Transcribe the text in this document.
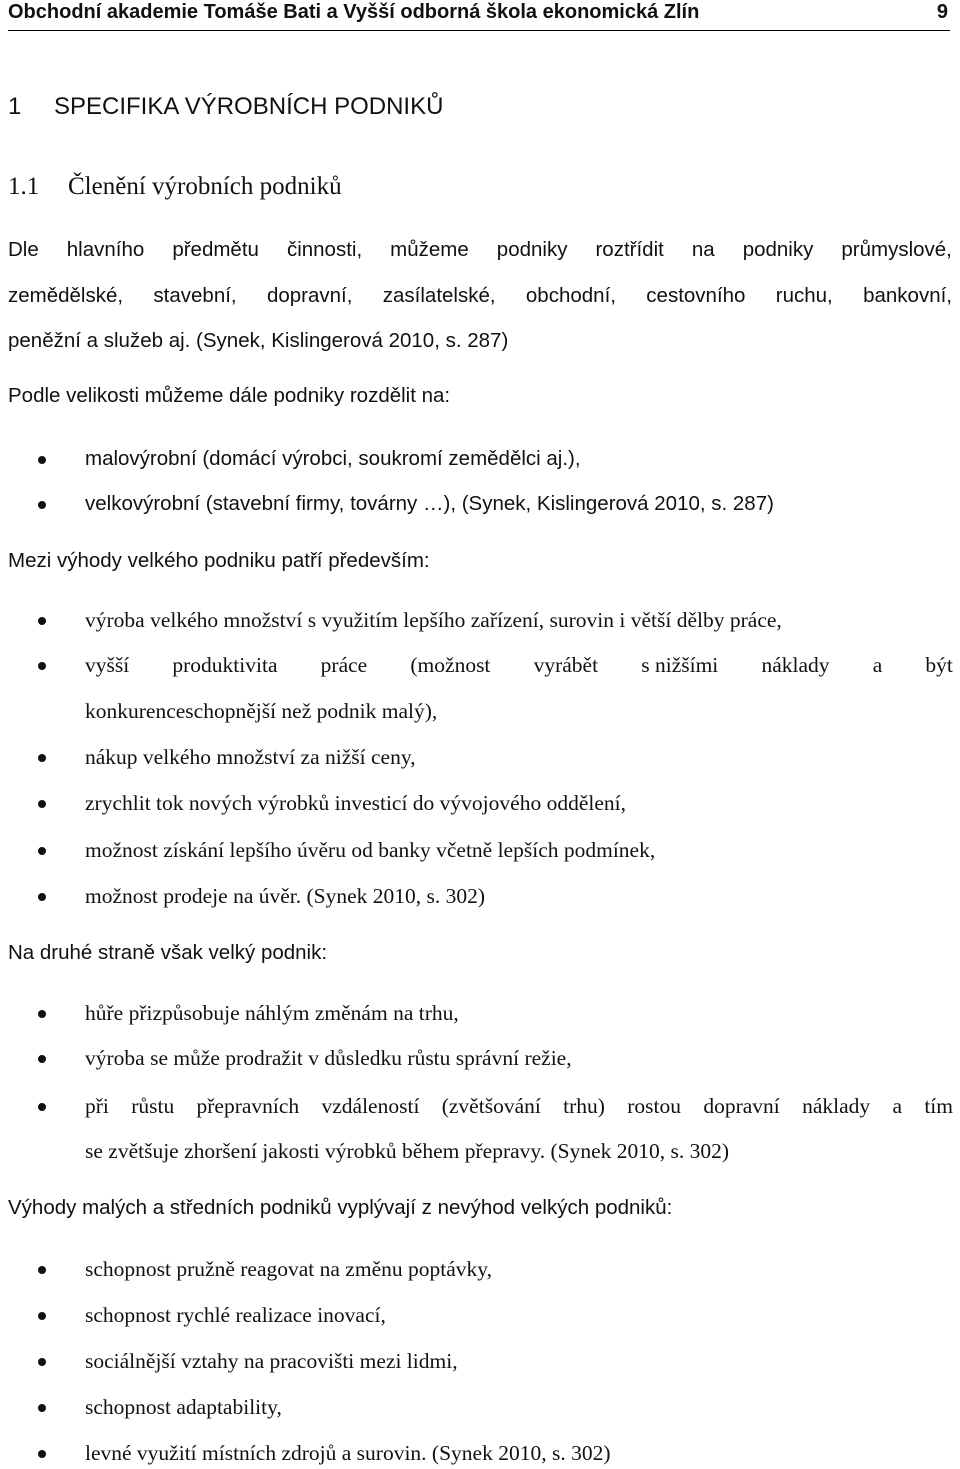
Obchodní akademie Tomáše Bati a Vyšší odborná škola ekonomická Zlín	9
1 SPECIFIKA VÝROBNÍCH PODNIKŮ
1.1 Členění výrobních podniků
Dle hlavního předmětu činnosti, můžeme podniky roztřídit na podniky průmyslové,
zemědělské, stavební, dopravní, zasílatelské, obchodní, cestovního ruchu, bankovní,
peněžní a služeb aj. (Synek, Kislingerová 2010, s. 287)
Podle velikosti můžeme dále podniky rozdělit na:
malovýrobní (domácí výrobci, soukromí zemědělci aj.),
velkovýrobní (stavební firmy, továrny …), (Synek, Kislingerová 2010, s. 287)
Mezi výhody velkého podniku patří především:
výroba velkého množství s využitím lepšího zařízení, surovin i větší dělby práce,
vyšší produktivita práce (možnost vyrábět s nižšími náklady a být
konkurenceschopnější než podnik malý),
nákup velkého množství za nižší ceny,
zrychlit tok nových výrobků investicí do vývojového oddělení,
možnost získání lepšího úvěru od banky včetně lepších podmínek,
možnost prodeje na úvěr. (Synek 2010, s. 302)
Na druhé straně však velký podnik:
hůře přizpůsobuje náhlým změnám na trhu,
výroba se může prodražit v důsledku růstu správní režie,
při růstu přepravních vzdáleností (zvětšování trhu) rostou dopravní náklady a tím
se zvětšuje zhoršení jakosti výrobků během přepravy. (Synek 2010, s. 302)
Výhody malých a středních podniků vyplývají z nevýhod velkých podniků:
schopnost pružně reagovat na změnu poptávky,
schopnost rychlé realizace inovací,
sociálnější vztahy na pracovišti mezi lidmi,
schopnost adaptability,
levné využití místních zdrojů a surovin. (Synek 2010, s. 302)
